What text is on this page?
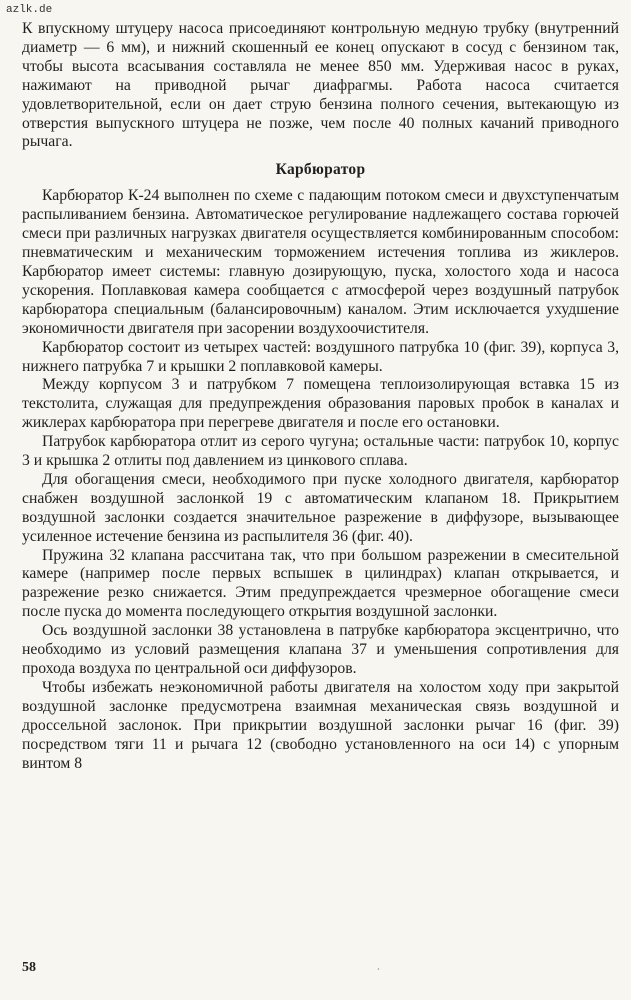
azlk.de

К впускному штуцеру насоса присоединяют контрольную медную трубку (внутренний диаметр — 6 мм), и нижний скошенный ее конец опускают в сосуд с бензином так, чтобы высота всасывания составляла не менее 850 мм. Удерживая насос в руках, нажимают на приводной рычаг диафрагмы. Работа насоса считается удовлетворительной, если он дает струю бензина полного сечения, вытекающую из отверстия выпускного штуцера не позже, чем после 40 полных качаний приводного рычага.

Карбюратор

Карбюратор К-24 выполнен по схеме с падающим потоком смеси и двухступенчатым распыливанием бензина. Автоматическое регулирование надлежащего состава горючей смеси при различных нагрузках двигателя осуществляется комбинированным способом: пневматическим и механическим торможением истечения топлива из жиклеров. Карбюратор имеет системы: главную дозирующую, пуска, холостого хода и насоса ускорения. Поплавковая камера сообщается с атмосферой через воздушный патрубок карбюратора специальным (балансировочным) каналом. Этим исключается ухудшение экономичности двигателя при засорении воздухоочистителя.

Карбюратор состоит из четырех частей: воздушного патрубка 10 (фиг. 39), корпуса 3, нижнего патрубка 7 и крышки 2 поплавковой камеры.

Между корпусом 3 и патрубком 7 помещена теплоизолирующая вставка 15 из текстолита, служащая для предупреждения образования паровых пробок в каналах и жиклерах карбюратора при перегреве двигателя и после его остановки.

Патрубок карбюратора отлит из серого чугуна; остальные части: патрубок 10, корпус 3 и крышка 2 отлиты под давлением из цинкового сплава.

Для обогащения смеси, необходимого при пуске холодного двигателя, карбюратор снабжен воздушной заслонкой 19 с автоматическим клапаном 18. Прикрытием воздушной заслонки создается значительное разрежение в диффузоре, вызывающее усиленное истечение бензина из распылителя 36 (фиг. 40).

Пружина 32 клапана рассчитана так, что при большом разрежении в смесительной камере (например после первых вспышек в цилиндрах) клапан открывается, и разрежение резко снижается. Этим предупреждается чрезмерное обогащение смеси после пуска до момента последующего открытия воздушной заслонки.

Ось воздушной заслонки 38 установлена в патрубке карбюратора эксцентрично, что необходимо из условий размещения клапана 37 и уменьшения сопротивления для прохода воздуха по центральной оси диффузоров.

Чтобы избежать неэкономичной работы двигателя на холостом ходу при закрытой воздушной заслонке предусмотрена взаимная механическая связь воздушной и дроссельной заслонок. При прикрытии воздушной заслонки рычаг 16 (фиг. 39) посредством тяги 11 и рычага 12 (свободно установленного на оси 14) с упорным винтом 8

58	·
